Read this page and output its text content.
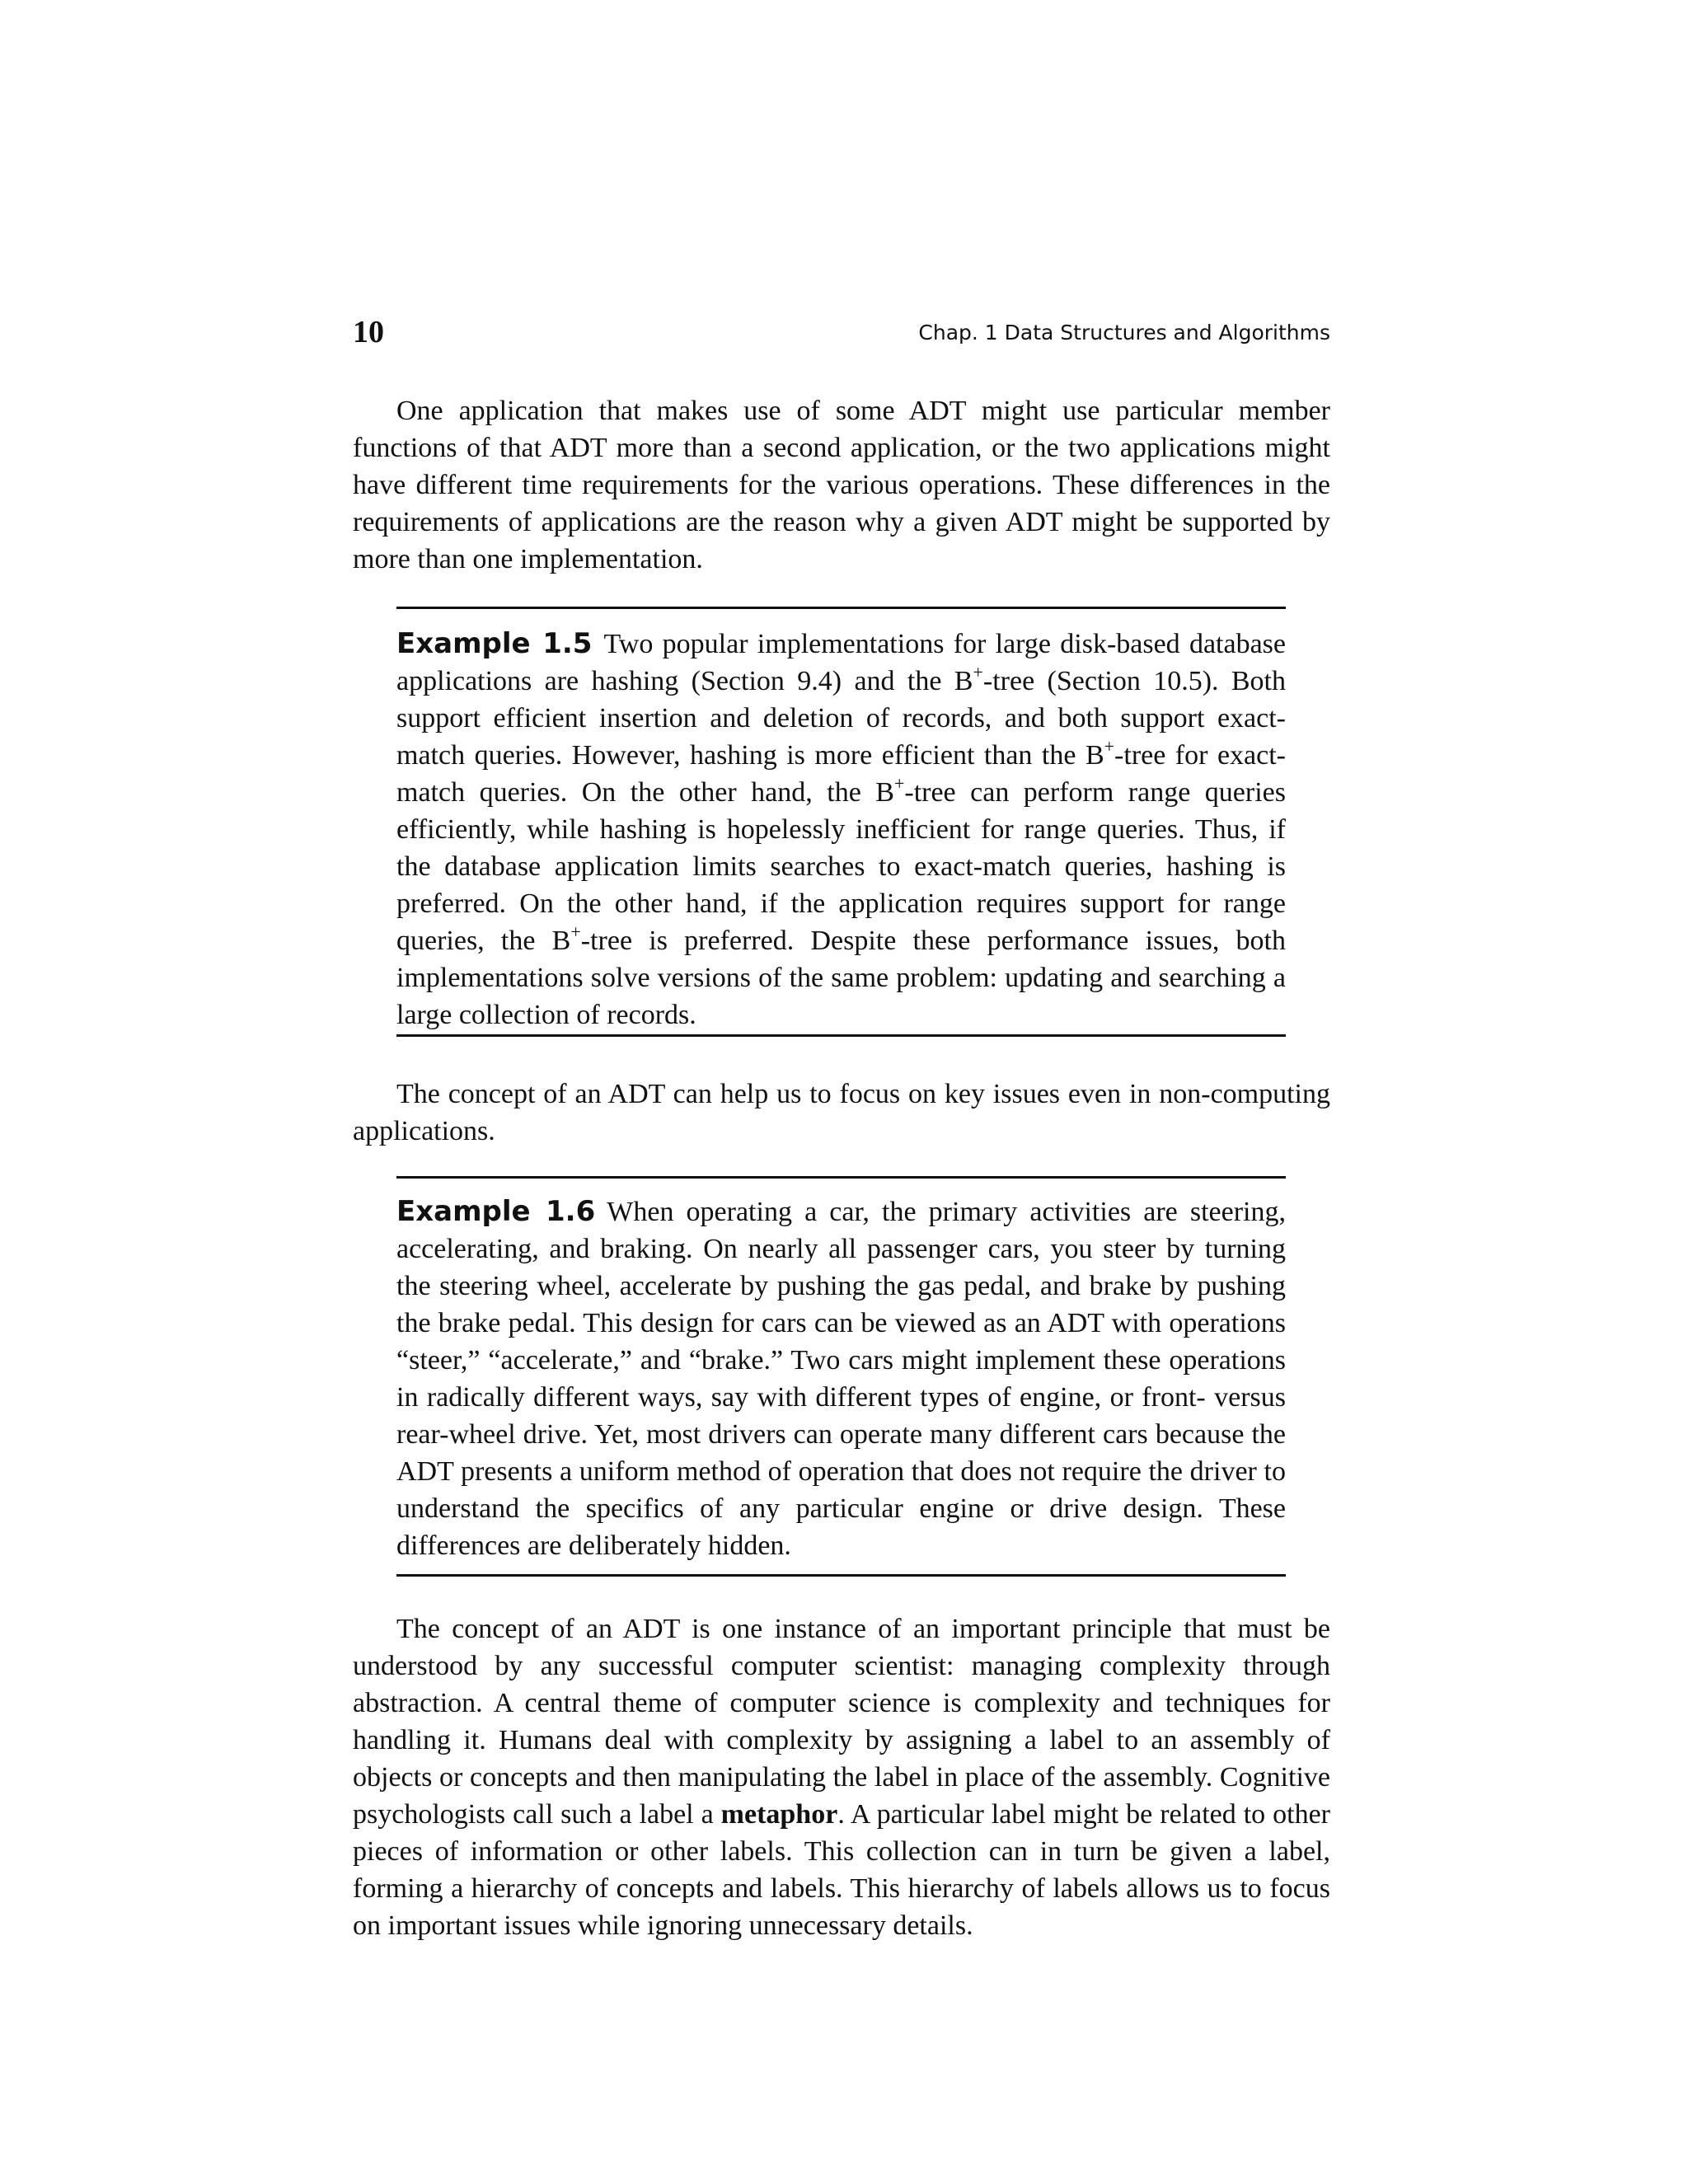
10	Chap. 1 Data Structures and Algorithms

One application that makes use of some ADT might use particular member functions of that ADT more than a second application, or the two applications might have different time requirements for the various operations. These differences in the requirements of applications are the reason why a given ADT might be supported by more than one implementation.

Example 1.5 Two popular implementations for large disk-based database applications are hashing (Section 9.4) and the B+-tree (Section 10.5). Both support efficient insertion and deletion of records, and both support exact-match queries. However, hashing is more efficient than the B+-tree for exact-match queries. On the other hand, the B+-tree can perform range queries efficiently, while hashing is hopelessly inefficient for range queries. Thus, if the database application limits searches to exact-match queries, hashing is preferred. On the other hand, if the application requires support for range queries, the B+-tree is preferred. Despite these performance issues, both implementations solve versions of the same problem: updating and searching a large collection of records.

The concept of an ADT can help us to focus on key issues even in non-computing applications.

Example 1.6 When operating a car, the primary activities are steering, accelerating, and braking. On nearly all passenger cars, you steer by turning the steering wheel, accelerate by pushing the gas pedal, and brake by pushing the brake pedal. This design for cars can be viewed as an ADT with operations “steer,” “accelerate,” and “brake.” Two cars might implement these operations in radically different ways, say with different types of engine, or front- versus rear-wheel drive. Yet, most drivers can operate many different cars because the ADT presents a uniform method of operation that does not require the driver to understand the specifics of any particular engine or drive design. These differences are deliberately hidden.

The concept of an ADT is one instance of an important principle that must be understood by any successful computer scientist: managing complexity through abstraction. A central theme of computer science is complexity and techniques for handling it. Humans deal with complexity by assigning a label to an assembly of objects or concepts and then manipulating the label in place of the assembly. Cognitive psychologists call such a label a metaphor. A particular label might be related to other pieces of information or other labels. This collection can in turn be given a label, forming a hierarchy of concepts and labels. This hierarchy of labels allows us to focus on important issues while ignoring unnecessary details.
